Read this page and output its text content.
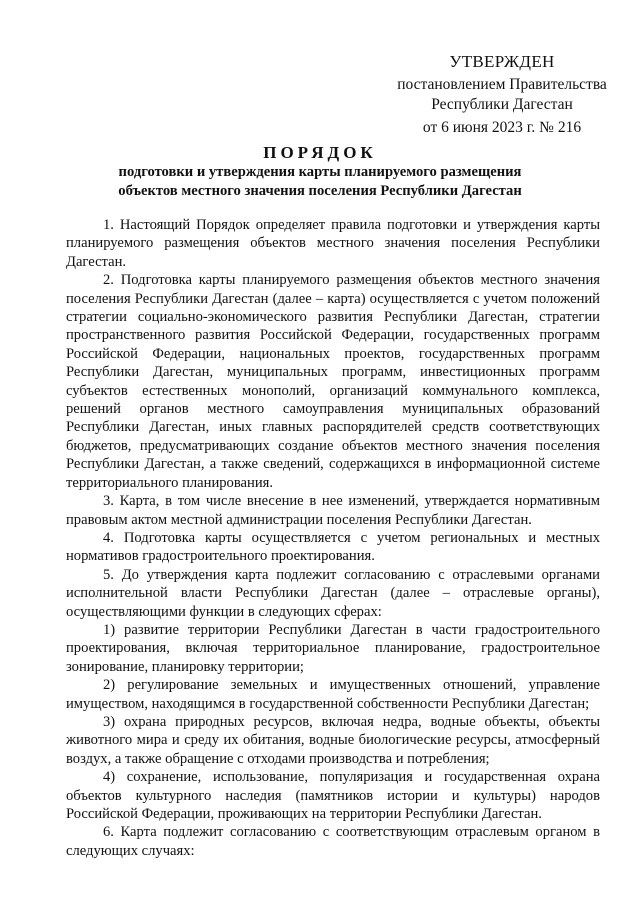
УТВЕРЖДЕН
постановлением Правительства
Республики Дагестан
от 6 июня 2023 г. № 216
ПОРЯДОК
подготовки и утверждения карты планируемого размещения объектов местного значения поселения Республики Дагестан

1. Настоящий Порядок определяет правила подготовки и утверждения карты планируемого размещения объектов местного значения поселения Республики Дагестан.

2. Подготовка карты планируемого размещения объектов местного значения поселения Республики Дагестан (далее – карта) осуществляется с учетом положений стратегии социально-экономического развития Республики Дагестан, стратегии пространственного развития Российской Федерации, государственных программ Российской Федерации, национальных проектов, государственных программ Республики Дагестан, муниципальных программ, инвестиционных программ субъектов естественных монополий, организаций коммунального комплекса, решений органов местного самоуправления муниципальных образований Республики Дагестан, иных главных распорядителей средств соответствующих бюджетов, предусматривающих создание объектов местного значения поселения Республики Дагестан, а также сведений, содержащихся в информационной системе территориального планирования.

3. Карта, в том числе внесение в нее изменений, утверждается нормативным правовым актом местной администрации поселения Республики Дагестан.

4. Подготовка карты осуществляется с учетом региональных и местных нормативов градостроительного проектирования.

5. До утверждения карта подлежит согласованию с отраслевыми органами исполнительной власти Республики Дагестан (далее – отраслевые органы), осуществляющими функции в следующих сферах:

1) развитие территории Республики Дагестан в части градостроительного проектирования, включая территориальное планирование, градостроительное зонирование, планировку территории;

2) регулирование земельных и имущественных отношений, управление имуществом, находящимся в государственной собственности Республики Дагестан;

3) охрана природных ресурсов, включая недра, водные объекты, объекты животного мира и среду их обитания, водные биологические ресурсы, атмосферный воздух, а также обращение с отходами производства и потребления;

4) сохранение, использование, популяризация и государственная охрана объектов культурного наследия (памятников истории и культуры) народов Российской Федерации, проживающих на территории Республики Дагестан.

6. Карта подлежит согласованию с соответствующим отраслевым органом в следующих случаях:
